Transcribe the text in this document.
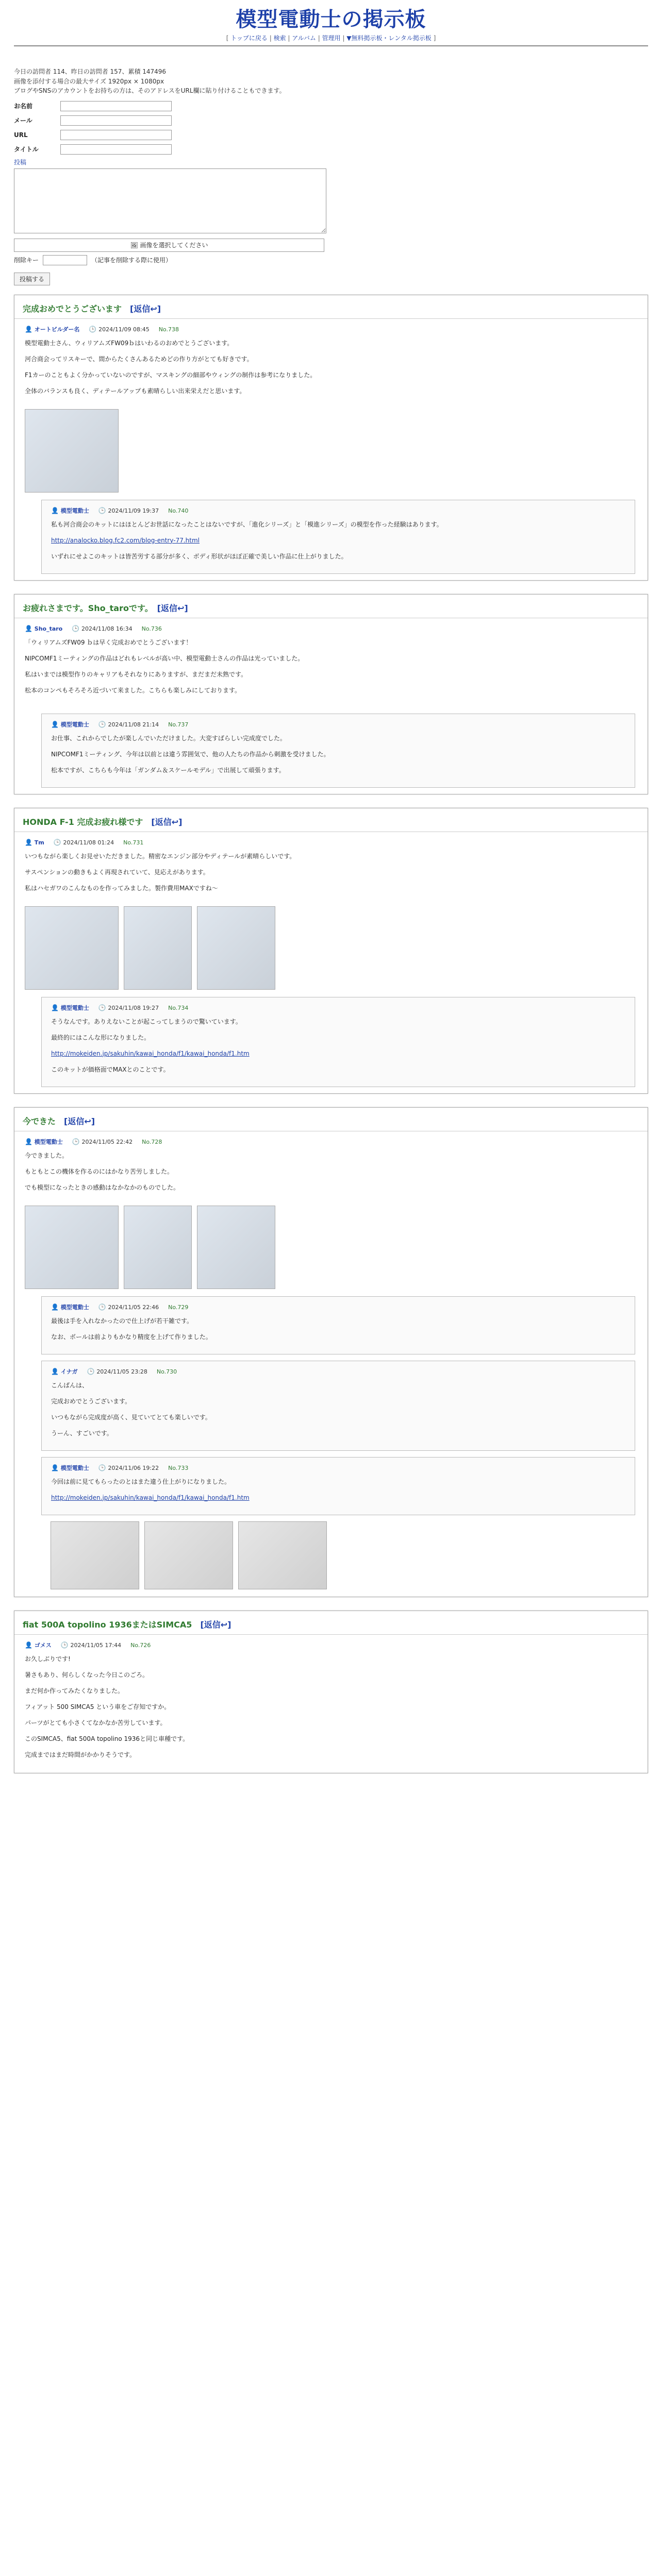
模型電動士の掲示板
[ トップに戻る | 検索 | アルバム | 管理用 | ▼無料掲示板・レンタル掲示板 ]
今日の訪問者 114、昨日の訪問者 157、累積 147496
画像を添付する場合の最大サイズ 1920px × 1080px
ブログやSNSのアカウントをお持ちの方は、そのアドレスをURL欄に貼り付けることもできます。
お名前
メール
URL
タイトル
投稿
🖼 画像を選択してください
削除キー	（記事を削除する際に使用）
投稿する
完成おめでとうございます　[返信↩]
👤 オートビルダー名 🕒 2024/11/09 08:45 No.738

模型電動士さん、ウィリアムズFW09ｂはいわるのおめでとうございます。

河合商会ってリスキーで、間からたくさんあるためどの作り方がとても好きです。

F1カーのこともよく分かっていないのですが、マスキングの細部やウィングの制作は参考になりました。

全体のバランスも良く、ディテールアップも素晴らしい出来栄えだと思います。

👤 模型電動士 🕒 2024/11/09 19:37 No.740

私も河合商会のキットにはほとんどお世話になったことはないですが、「進化シリーズ」と「模進シリーズ」の模型を作った経験はあります。

http://analocko.blog.fc2.com/blog-entry-77.html

いずれにせよこのキットは皆苦労する部分が多く、ボディ形状がほぼ正確で美しい作品に仕上がりました。

お疲れさまです。Sho_taroです。　[返信↩]
👤 Sho_taro 🕒 2024/11/08 16:34 No.736

「ウィリアムズFW09 ｂは早く完成おめでとうございます！

NIPCOMF1ミーティングの作品はどれもレベルが高い中、模型電動士さんの作品は光っていました。

私はいまでは模型作りのキャリアもそれなりにありますが、まだまだ未熟です。

松本のコンペもそろそろ近づいて来ました。こちらも楽しみにしております。

👤 模型電動士 🕒 2024/11/08 21:14 No.737

お仕事、これからでしたが楽しんでいただけました。大変すばらしい完成度でした。

NIPCOMF1ミーティング、今年は以前とは違う雰囲気で、他の人たちの作品から刺激を受けました。

松本ですが、こちらも今年は「ガンダム＆スケールモデル」で出展して頑張ります。

HONDA F-1 完成お疲れ様です　[返信↩]
👤 Tm 🕒 2024/11/08 01:24 No.731

いつもながら楽しくお見せいただきました。精密なエンジン部分やディテールが素晴らしいです。

サスペンションの動きもよく再現されていて、見応えがあります。

私はハセガワのこんなものを作ってみました。製作費用MAXですね〜

👤 模型電動士 🕒 2024/11/08 19:27 No.734

そうなんです。ありえないことが起こってしまうので驚いています。

最終的にはこんな形になりました。

http://mokeiden.jp/sakuhin/kawai_honda/f1/kawai_honda/f1.htm

このキットが価格面でMAXとのことです。

今できた　[返信↩]
👤 模型電動士 🕒 2024/11/05 22:42 No.728

今できました。

もともとこの機体を作るのにはかなり苦労しました。

でも模型になったときの感動はなかなかのものでした。

👤 模型電動士 🕒 2024/11/05 22:46 No.729

最後は手を入れなかったので仕上げが若干雑です。

なお、ボールは前よりもかなり精度を上げて作りました。

👤 イナガ 🕒 2024/11/05 23:28 No.730

こんばんは、

完成おめでとうございます。

いつもながら完成度が高く、見ていてとても楽しいです。

うーん、すごいです。

👤 模型電動士 🕒 2024/11/06 19:22 No.733

今回は前に見てもらったのとはまた違う仕上がりになりました。

http://mokeiden.jp/sakuhin/kawai_honda/f1/kawai_honda/f1.htm
fiat 500A topolino 1936またはSIMCA5　[返信↩]
👤 ゴメス 🕒 2024/11/05 17:44 No.726

お久しぶりです!

暑さもあり、何らしくなった今日このごろ。

まだ何か作ってみたくなりました。

フィアット 500 SIMCA5 という車をご存知ですか。

パーツがとても小さくてなかなか苦労しています。

このSIMCA5、fiat 500A topolino 1936と同じ車種です。

完成まではまだ時間がかかりそうです。
